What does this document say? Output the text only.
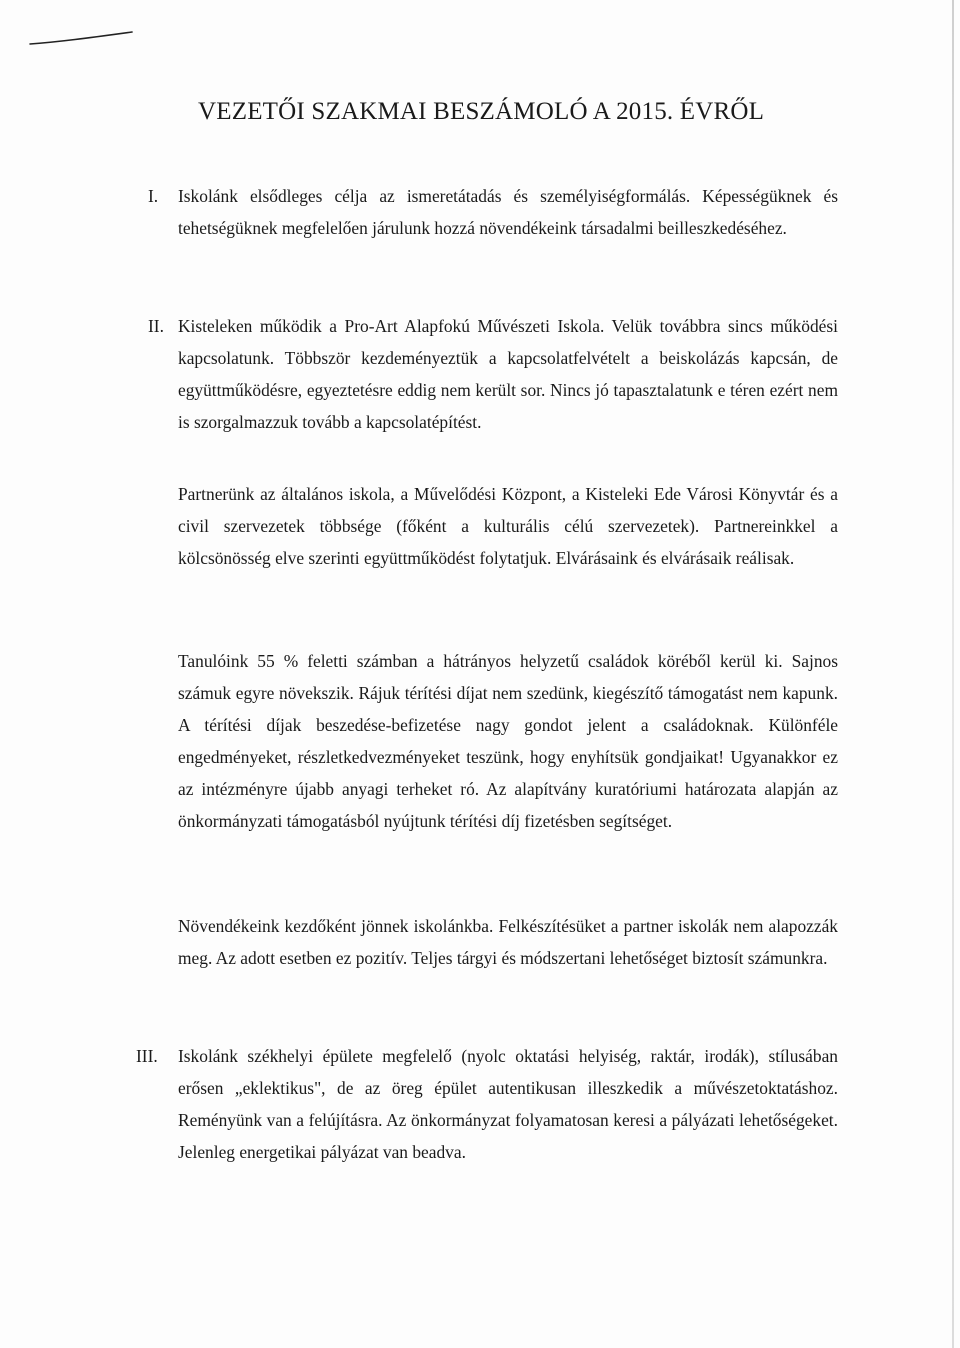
VEZETŐI SZAKMAI BESZÁMOLÓ A 2015. ÉVRŐL
I. Iskolánk elsődleges célja az ismeretátadás és személyiségformálás. Képességüknek és tehetségüknek megfelelően járulunk hozzá növendékeink társadalmi beilleszkedéséhez.
II. Kisteleken működik a Pro-Art Alapfokú Művészeti Iskola. Velük továbbra sincs működési kapcsolatunk. Többször kezdeményeztük a kapcsolatfelvételt a beiskolázás kapcsán, de együttműködésre, egyeztetésre eddig nem került sor. Nincs jó tapasztalatunk e téren ezért nem is szorgalmazzuk tovább a kapcsolatépítést.
Partnerünk az általános iskola, a Művelődési Központ, a Kisteleki Ede Városi Könyvtár és a civil szervezetek többsége (főként a kulturális célú szervezetek). Partnereinkkel a kölcsönösség elve szerinti együttműködést folytatjuk. Elvárásaink és elvárásaik reálisak.
Tanulóink 55 % feletti számban a hátrányos helyzetű családok köréből kerül ki. Sajnos számuk egyre növekszik. Rájuk térítési díjat nem szedünk, kiegészítő támogatást nem kapunk. A térítési díjak beszedése-befizetése nagy gondot jelent a családoknak. Különféle engedményeket, részletkedvezményeket teszünk, hogy enyhítsük gondjaikat! Ugyanakkor ez az intézményre újabb anyagi terheket ró. Az alapítvány kuratóriumi határozata alapján az önkormányzati támogatásból nyújtunk térítési díj fizetésben segítséget.
Növendékeink kezdőként jönnek iskolánkba. Felkészítésüket a partner iskolák nem alapozzák meg. Az adott esetben ez pozitív. Teljes tárgyi és módszertani lehetőséget biztosít számunkra.
III. Iskolánk székhelyi épülete megfelelő (nyolc oktatási helyiség, raktár, irodák), stílusában erősen „eklektikus", de az öreg épület autentikusan illeszkedik a művészetoktatáshoz. Reményünk van a felújításra. Az önkormányzat folyamatosan keresi a pályázati lehetőségeket. Jelenleg energetikai pályázat van beadva.
